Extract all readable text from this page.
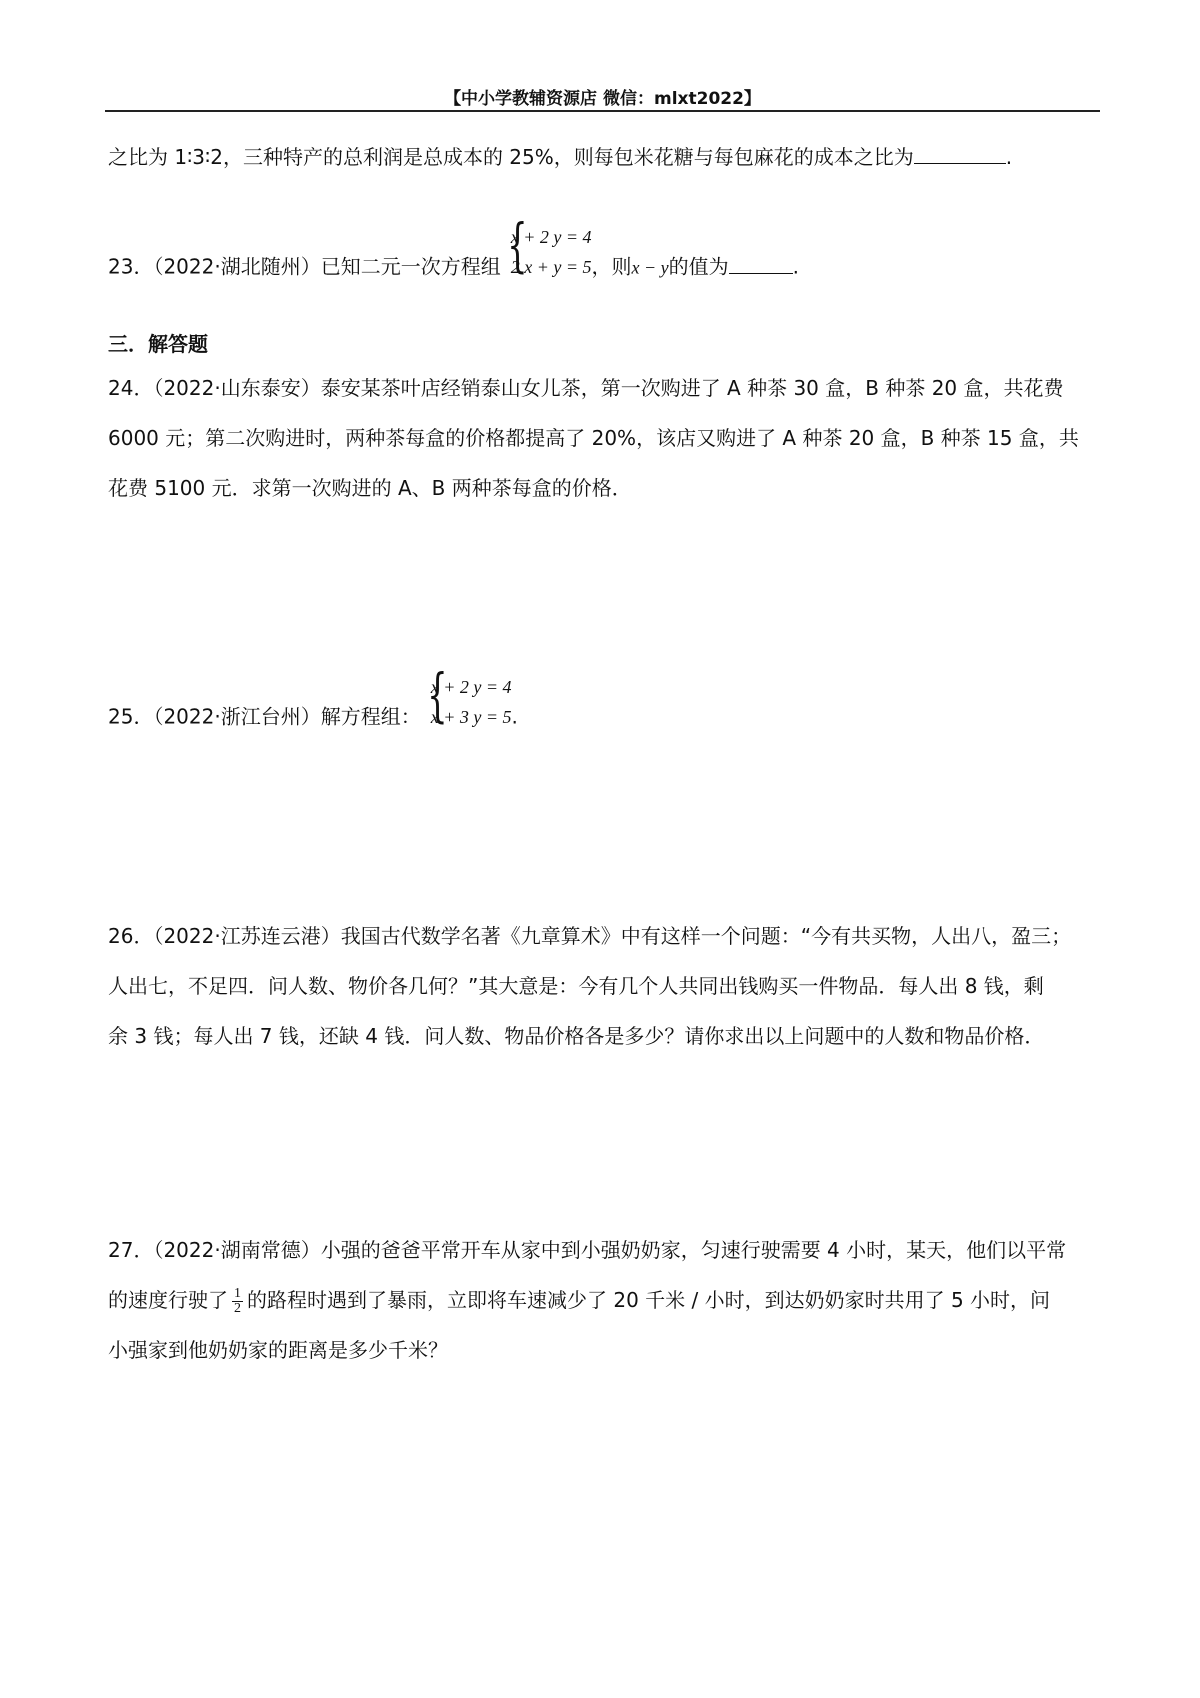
【中小学教辅资源店 微信：mlxt2022】
之比为 1∶3∶2，三种特产的总利润是总成本的 25%，则每包米花糖与每包麻花的成本之比为	.
23．（2022·湖北随州）已知二元一次方程组 {
x + 2 y = 4
2 x + y = 5 ，则x − y的值为	.
三．解答题
24．（2022·山东泰安）泰安某茶叶店经销泰山女儿茶，第一次购进了 A 种茶 30 盒，B 种茶 20 盒，共花费
6000 元；第二次购进时，两种茶每盒的价格都提高了 20%，该店又购进了 A 种茶 20 盒，B 种茶 15 盒，共
花费 5100 元．求第一次购进的 A、B 两种茶每盒的价格．
25．（2022·浙江台州）解方程组： {
x + 2 y = 4
x + 3 y = 5 .
26．（2022·江苏连云港）我国古代数学名著《九章算术》中有这样一个问题：“今有共买物，人出八，盈三；
人出七，不足四．问人数、物价各几何？”其大意是：今有几个人共同出钱购买一件物品．每人出 8 钱，剩
余 3 钱；每人出 7 钱，还缺 4 钱．问人数、物品价格各是多少？请你求出以上问题中的人数和物品价格．
27．（2022·湖南常德）小强的爸爸平常开车从家中到小强奶奶家，匀速行驶需要 4 小时，某天，他们以平常
的速度行驶了 $\frac{1}{2}$ 的路程时遇到了暴雨，立即将车速减少了 20 千米 / 小时，到达奶奶家时共用了 5 小时，问
小强家到他奶奶家的距离是多少千米？
